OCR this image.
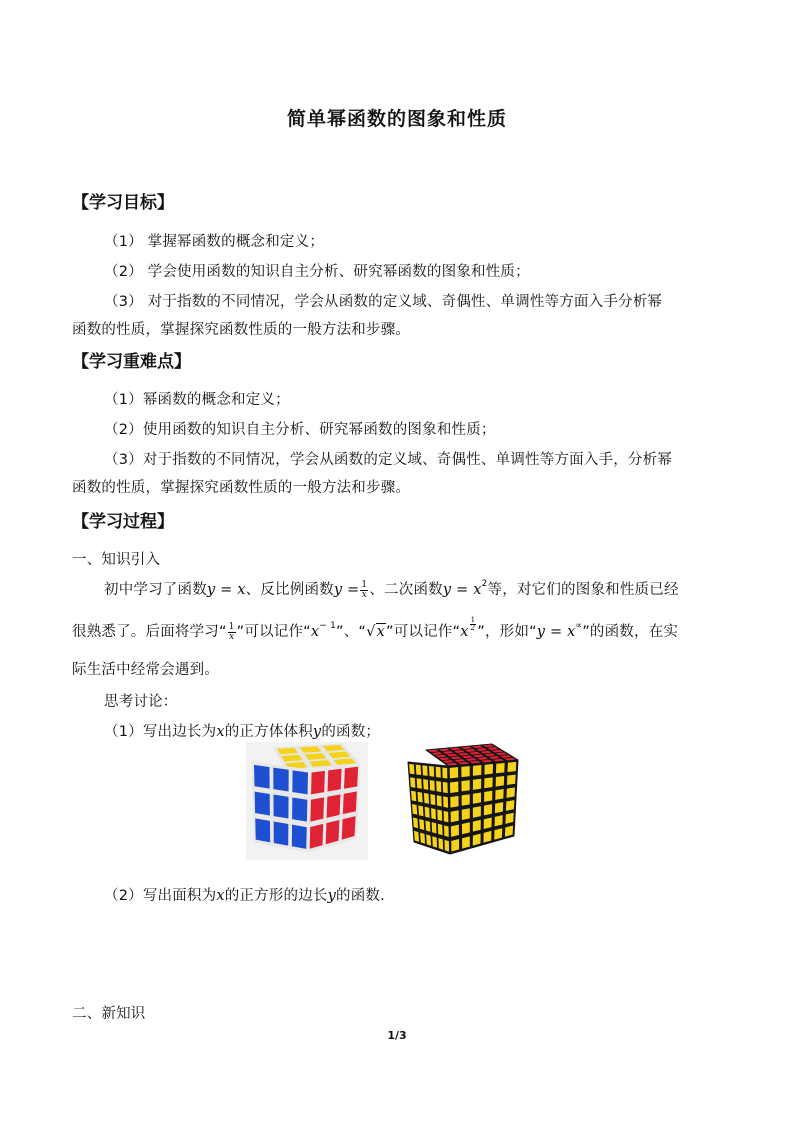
简单幂函数的图象和性质
【学习目标】
（1） 掌握幂函数的概念和定义；
（2） 学会使用函数的知识自主分析、研究幂函数的图象和性质；
（3） 对于指数的不同情况，学会从函数的定义域、奇偶性、单调性等方面入手分析幂
函数的性质，掌握探究函数性质的一般方法和步骤。
【学习重难点】
（1）幂函数的概念和定义；
（2）使用函数的知识自主分析、研究幂函数的图象和性质；
（3）对于指数的不同情况，学会从函数的定义域、奇偶性、单调性等方面入手，分析幂
函数的性质，掌握探究函数性质的一般方法和步骤。
【学习过程】
一、知识引入
初中学习了函数y = x、反比例函数$y = \frac{1}{x}$ 、二次函数$y = x^2$等，对它们的图象和性质已经
很熟悉了。后面将学习“ $\frac{1}{x}$ ”可以记作“$x^{- 1}$”、“√x”可以记作“x $^{\frac{1}{2}}$ ”，形如“y = x∝”的函数，在实
际生活中经常会遇到。
思考讨论：
（1）写出边长为x的正方体体积y的函数；
（2）写出面积为x的正方形的边长y的函数.
二、新知识
1/3
